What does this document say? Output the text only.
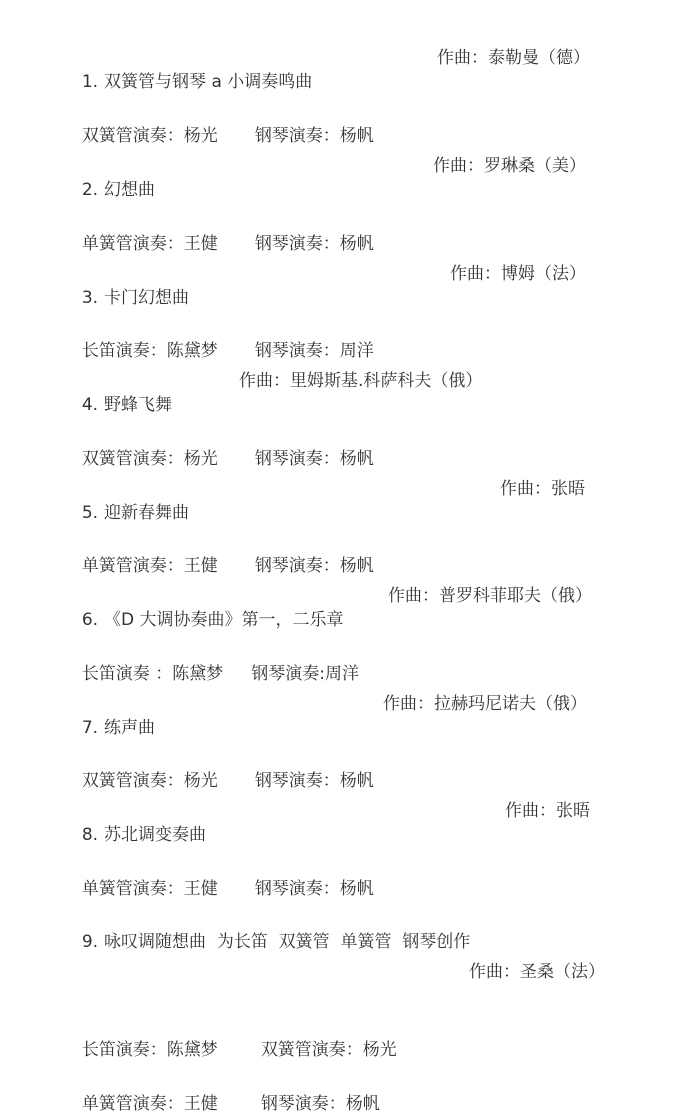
1. 双簧管与钢琴 a 小调奏鸣曲

作曲：泰勒曼（德）

双簧管演奏：杨光 钢琴演奏：杨帆

2. 幻想曲

作曲：罗琳桑（美）

单簧管演奏：王健 钢琴演奏：杨帆

3. 卡门幻想曲

作曲：博姆（法）

长笛演奏：陈黛梦 钢琴演奏：周洋

4. 野蜂飞舞

作曲：里姆斯基.科萨科夫（俄）

双簧管演奏：杨光 钢琴演奏：杨帆

5. 迎新春舞曲

作曲：张晤

单簧管演奏：王健 钢琴演奏：杨帆

6. 《D 大调协奏曲》第一，二乐章

作曲：普罗科菲耶夫（俄）

长笛演奏 ：陈黛梦 钢琴演奏:周洋

7. 练声曲

作曲：拉赫玛尼诺夫（俄）

双簧管演奏：杨光 钢琴演奏：杨帆

8. 苏北调变奏曲

作曲：张晤

单簧管演奏：王健 钢琴演奏：杨帆

9. 咏叹调随想曲  为长笛  双簧管  单簧管  钢琴创作

作曲：圣桑（法）

长笛演奏：陈黛梦	双簧管演奏：杨光

单簧管演奏：王健	钢琴演奏：杨帆
